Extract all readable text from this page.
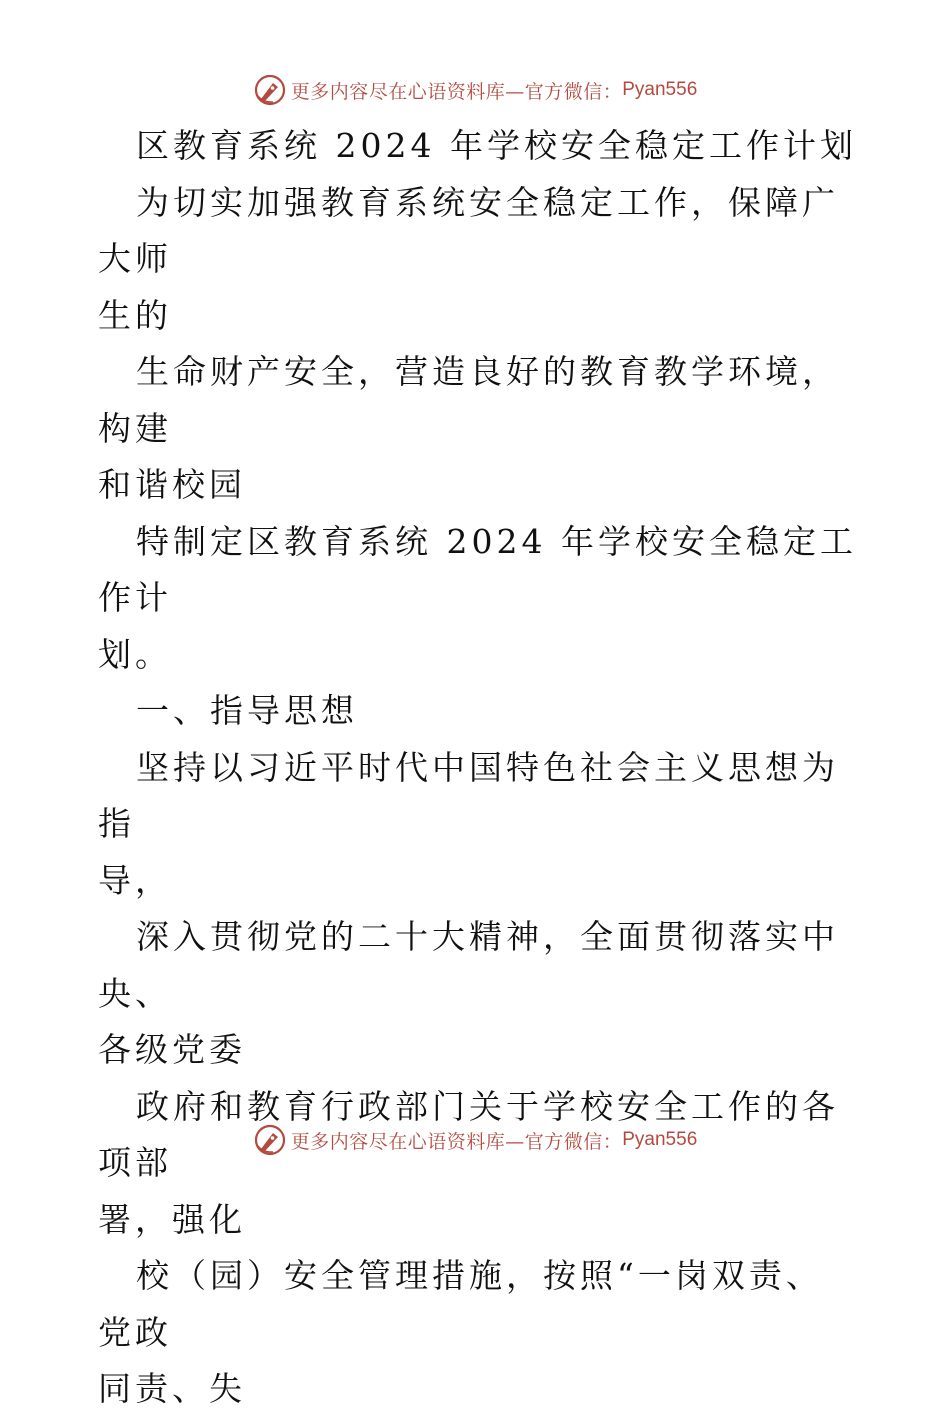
更多内容尽在心语资料库—官方微信： Pyan556

区教育系统 2024 年学校安全稳定工作计划

为切实加强教育系统安全稳定工作，保障广大师

生的

生命财产安全，营造良好的教育教学环境，构建

和谐校园

特制定区教育系统 2024 年学校安全稳定工作计

划。

一、指导思想

坚持以习近平时代中国特色社会主义思想为指

导，

深入贯彻党的二十大精神，全面贯彻落实中央、

各级党委

政府和教育行政部门关于学校安全工作的各项部

署，强化

校（园）安全管理措施，按照“一岗双责、党政

同责、失

更多内容尽在心语资料库—官方微信： Pyan556
